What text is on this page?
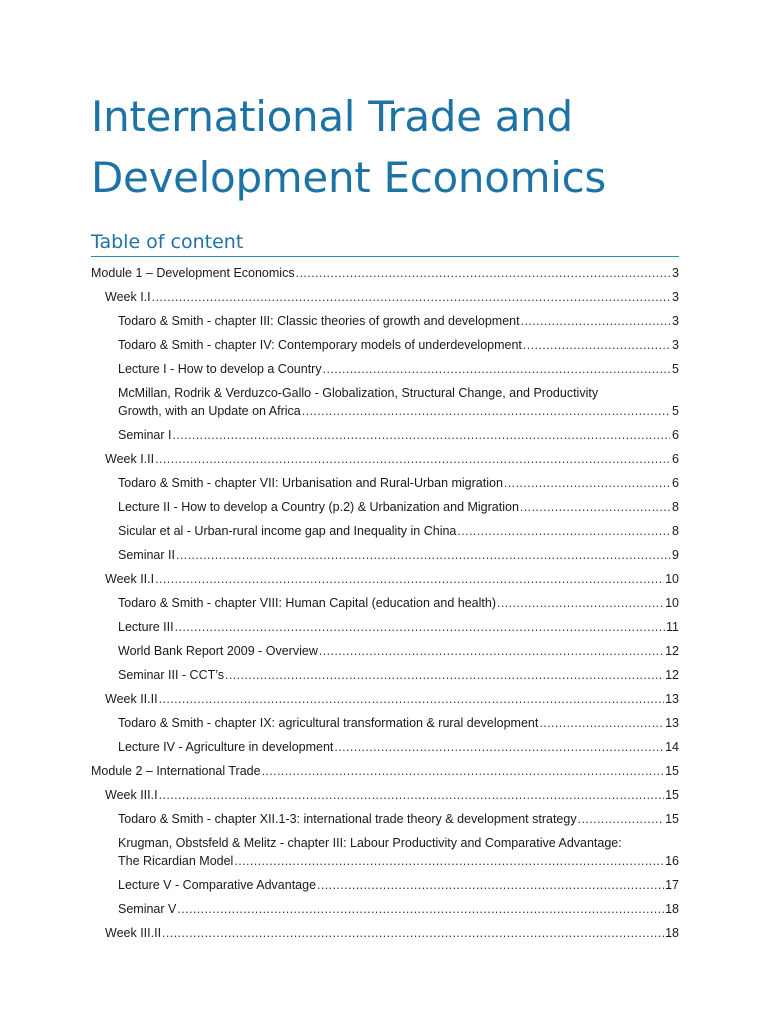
International Trade and
Development Economics
Table of content
Module 1 – Development Economics .....	3
Week I.I .....	3
Todaro & Smith - chapter III: Classic theories of growth and development .....	3
Todaro & Smith - chapter IV: Contemporary models of underdevelopment .....	3
Lecture I - How to develop a Country .....	5
McMillan, Rodrik & Verduzco-Gallo - Globalization, Structural Change, and Productivity
Growth, with an Update on Africa .....	5
Seminar I .....	6
Week I.II .....	6
Todaro & Smith - chapter VII: Urbanisation and Rural-Urban migration .....	6
Lecture II - How to develop a Country (p.2) & Urbanization and Migration .....	8
Sicular et al - Urban-rural income gap and Inequality in China .....	8
Seminar II .....	9
Week II.I .....	10
Todaro & Smith - chapter VIII: Human Capital (education and health) .....	10
Lecture III .....	11
World Bank Report 2009 - Overview .....	12
Seminar III - CCT’s .....	12
Week II.II .....	13
Todaro & Smith - chapter IX: agricultural transformation & rural development .....	13
Lecture IV - Agriculture in development .....	14
Module 2 – International Trade .....	15
Week III.I .....	15
Todaro & Smith - chapter XII.1-3: international trade theory & development strategy .....	15
Krugman, Obstsfeld & Melitz - chapter III: Labour Productivity and Comparative Advantage:
The Ricardian Model .....	16
Lecture V - Comparative Advantage .....	17
Seminar V .....	18
Week III.II .....	18
